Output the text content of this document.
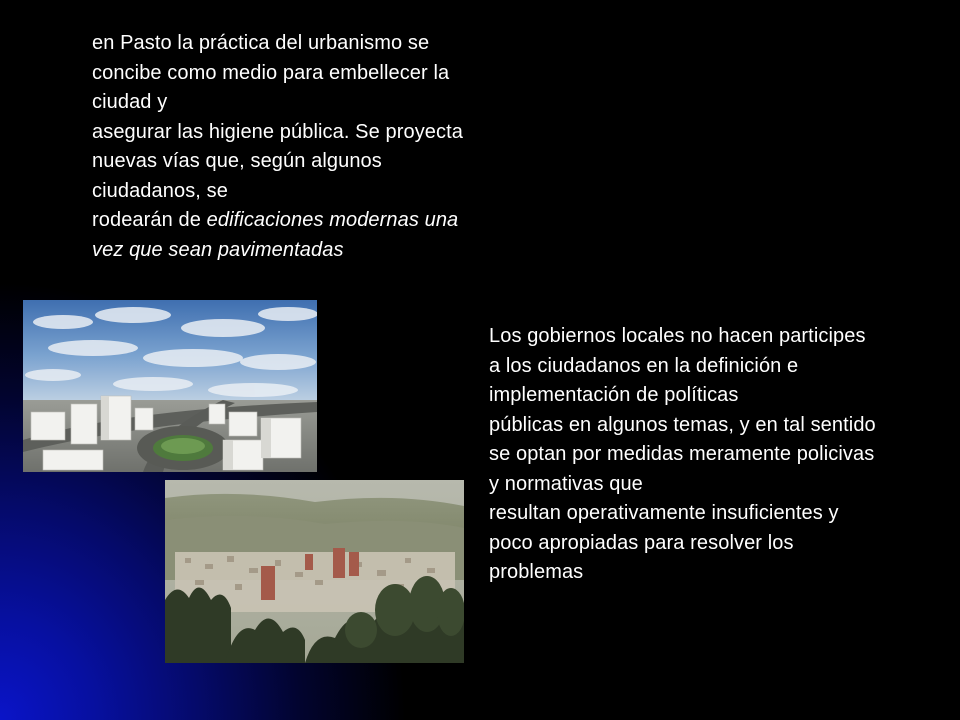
en Pasto la práctica del urbanismo se
concibe como medio para embellecer la
ciudad y
asegurar las higiene pública. Se proyecta
nuevas vías que, según algunos
ciudadanos, se
rodearán de edificaciones modernas una
vez que sean pavimentadas
Los gobiernos locales no hacen participes
a los ciudadanos en la definición e
implementación de políticas
públicas en algunos temas, y en tal sentido
se optan por medidas meramente policivas
y normativas que
resultan operativamente insuficientes y
poco apropiadas para resolver los
problemas
